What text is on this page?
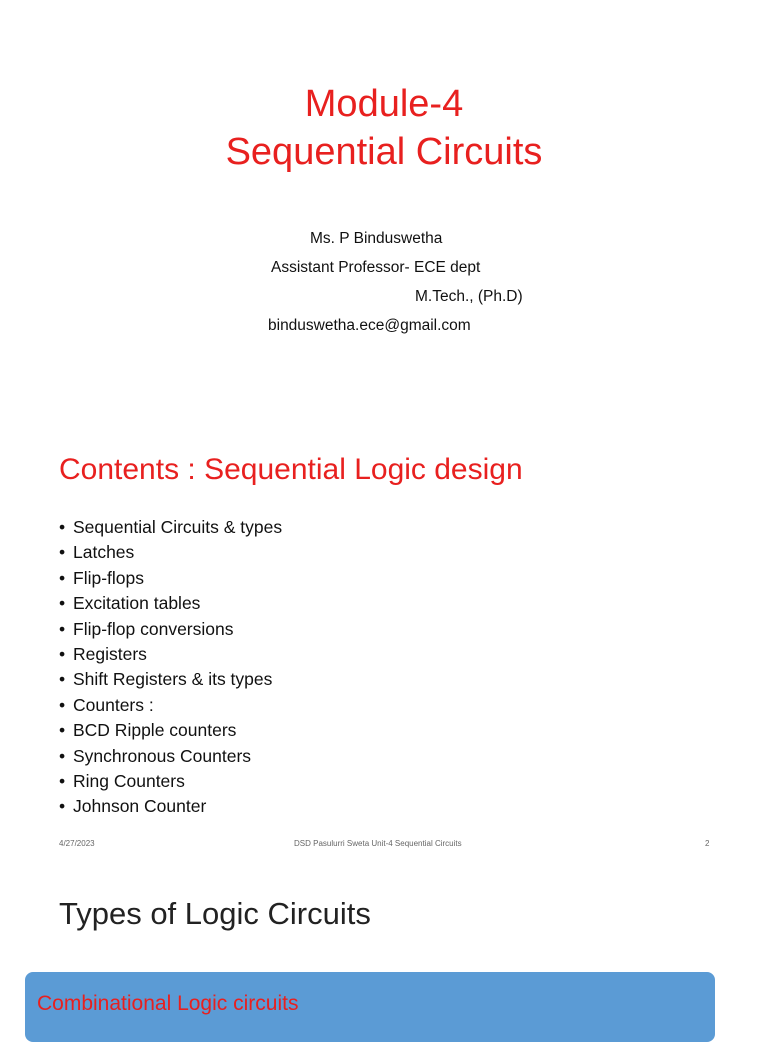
Module-4
Sequential Circuits
Ms. P Binduswetha
Assistant Professor- ECE dept
M.Tech., (Ph.D)
binduswetha.ece@gmail.com
Contents : Sequential Logic design
• Sequential Circuits & types
• Latches
• Flip-flops
• Excitation tables
• Flip-flop conversions
• Registers
• Shift Registers & its types
• Counters :
• BCD Ripple counters
• Synchronous Counters
• Ring Counters
• Johnson Counter
4/27/2023	DSD Pasulurri Sweta Unit-4 Sequential Circuits	2
Types of Logic Circuits
Combinational Logic circuits
